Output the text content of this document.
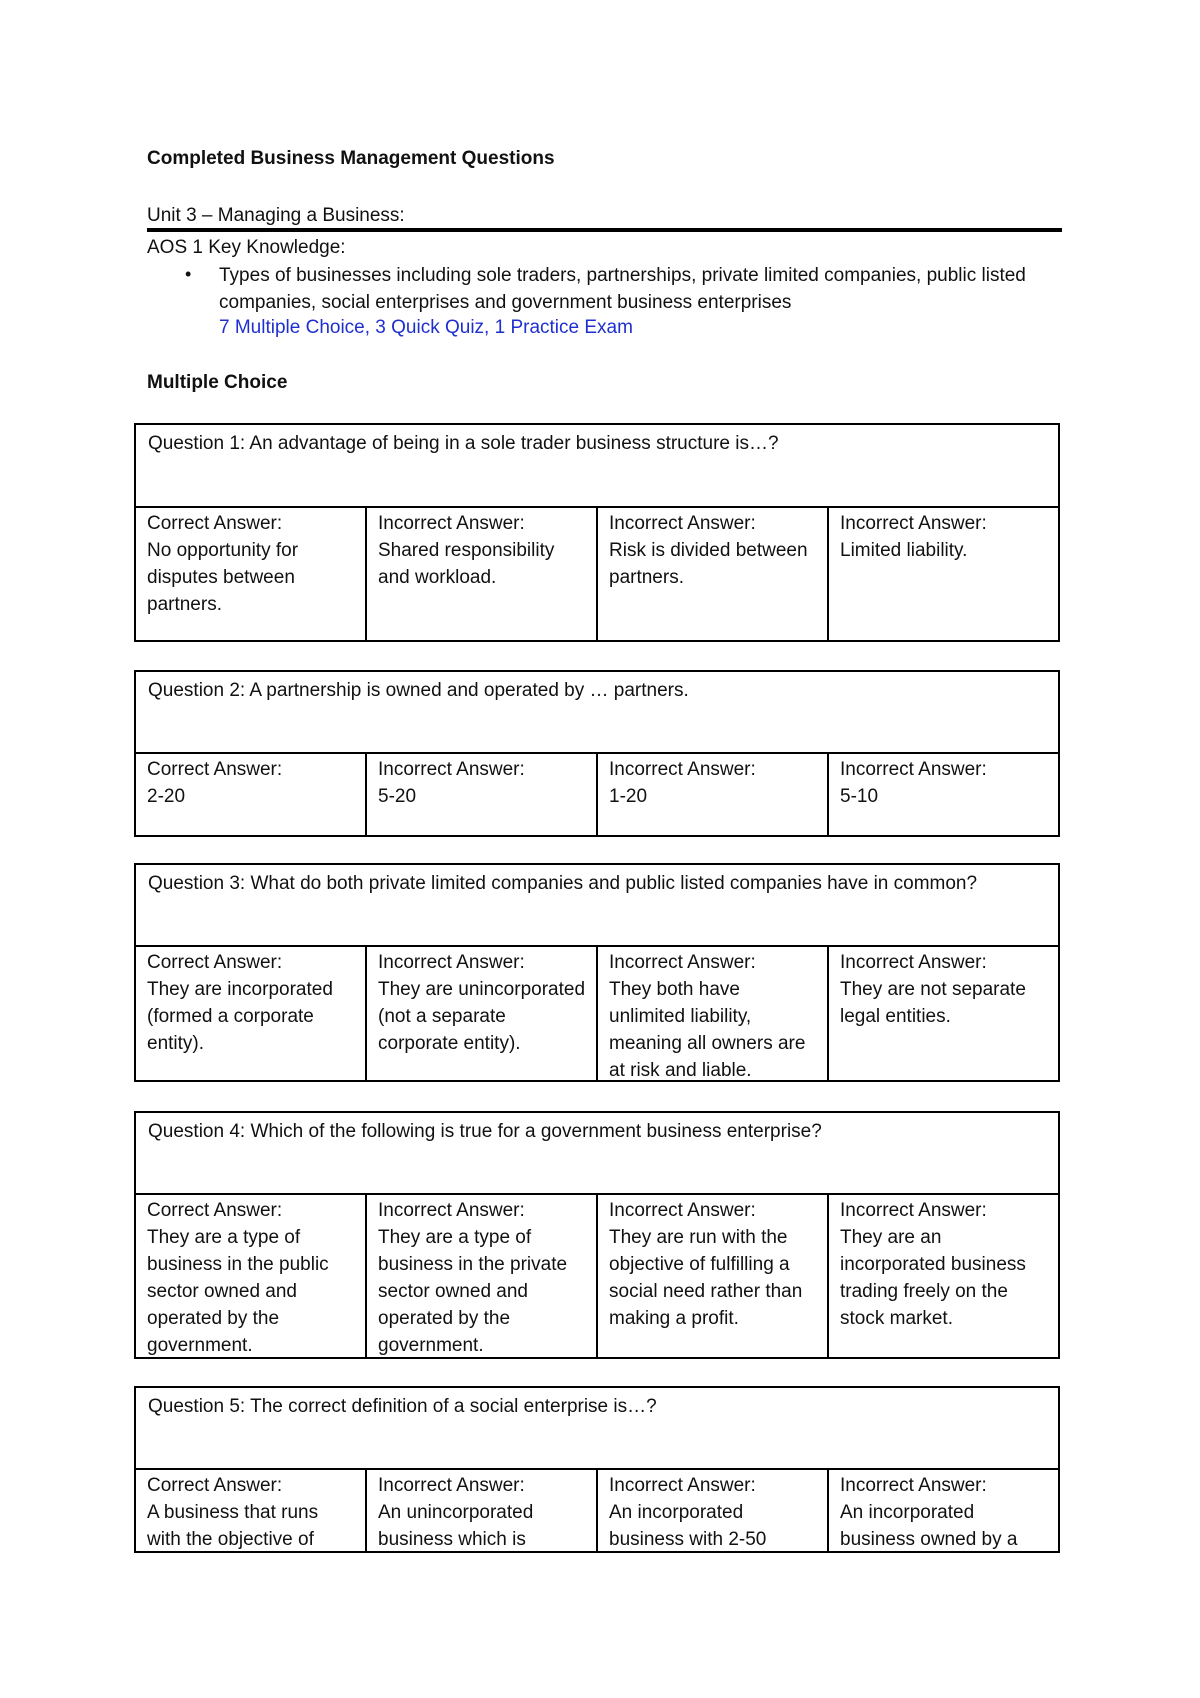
Completed Business Management Questions
Unit 3 – Managing a Business:
AOS 1 Key Knowledge:
• Types of businesses including sole traders, partnerships, private limited companies, public listed companies, social enterprises and government business enterprises
7 Multiple Choice, 3 Quick Quiz, 1 Practice Exam
Multiple Choice
Question 1: An advantage of being in a sole trader business structure is…?
Correct Answer:
No opportunity for disputes between partners.
Incorrect Answer:
Shared responsibility and workload.
Incorrect Answer:
Risk is divided between partners.
Incorrect Answer:
Limited liability.
Question 2: A partnership is owned and operated by … partners.
Correct Answer:
2-20
Incorrect Answer:
5-20
Incorrect Answer:
1-20
Incorrect Answer:
5-10
Question 3: What do both private limited companies and public listed companies have in common?
Correct Answer:
They are incorporated (formed a corporate entity).
Incorrect Answer:
They are unincorporated (not a separate corporate entity).
Incorrect Answer:
They both have unlimited liability, meaning all owners are at risk and liable.
Incorrect Answer:
They are not separate legal entities.
Question 4: Which of the following is true for a government business enterprise?
Correct Answer:
They are a type of business in the public sector owned and operated by the government.
Incorrect Answer:
They are a type of business in the private sector owned and operated by the government.
Incorrect Answer:
They are run with the objective of fulfilling a social need rather than making a profit.
Incorrect Answer:
They are an incorporated business trading freely on the stock market.
Question 5: The correct definition of a social enterprise is…?
Correct Answer:
A business that runs with the objective of
Incorrect Answer:
An unincorporated business which is
Incorrect Answer:
An incorporated business with 2-50
Incorrect Answer:
An incorporated business owned by a
